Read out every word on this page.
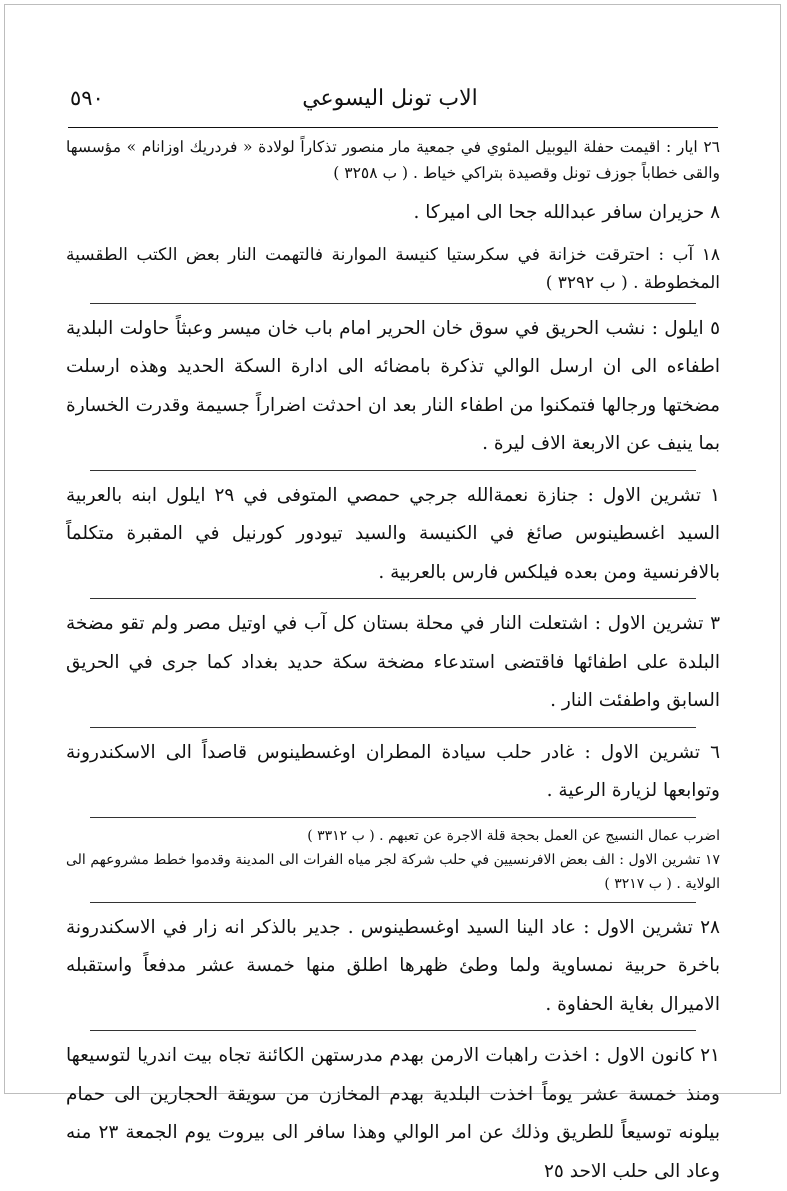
٥٩٠	الاب تونل اليسوعي

٢٦ ايار : اقيمت حفلة اليوبيل المئوي في جمعية مار منصور تذكاراً لولادة « فردريك اوزانام » مؤسسها والقى خطاباً جوزف تونل وقصيدة بتراكي خياط . ( ب ٣٢٥٨ )

٨ حزيران سافر عبدالله جحا الى اميركا .

١٨ آب : احترقت خزانة في سكرستيا كنيسة الموارنة فالتهمت النار بعض الكتب الطقسية المخطوطة . ( ب ٣٢٩٢ )

٥ ايلول : نشب الحريق في سوق خان الحرير امام باب خان ميسر وعبثاً حاولت البلدية اطفاءه الى ان ارسل الوالي تذكرة بامضائه الى ادارة السكة الحديد وهذه ارسلت مضختها ورجالها فتمكنوا من اطفاء النار بعد ان احدثت اضراراً جسيمة وقدرت الخسارة بما ينيف عن الاربعة الاف ليرة .

١ تشرين الاول : جنازة نعمةالله جرجي حمصي المتوفى في ٢٩ ايلول ابنه بالعربية السيد اغسطينوس صائغ في الكنيسة والسيد تيودور كورنيل في المقبرة متكلماً بالافرنسية ومن بعده فيلكس فارس بالعربية .

٣ تشرين الاول : اشتعلت النار في محلة بستان كل آب في اوتيل مصر ولم تقو مضخة البلدة على اطفائها فاقتضى استدعاء مضخة سكة حديد بغداد كما جرى في الحريق السابق واطفئت النار .

٦ تشرين الاول : غادر حلب سيادة المطران اوغسطينوس قاصداً الى الاسكندرونة وتوابعها لزيارة الرعية .

اضرب عمال النسيج عن العمل بحجة قلة الاجرة عن تعبهم . ( ب ٣٣١٢ )

١٧ تشرين الاول : الف بعض الافرنسيين في حلب شركة لجر مياه الفرات الى المدينة وقدموا خطط مشروعهم الى الولاية . ( ب ٣٢١٧ )

٢٨ تشرين الاول : عاد الينا السيد اوغسطينوس . جدير بالذكر انه زار في الاسكندرونة باخرة حربية نمساوية ولما وطئ ظهرها اطلق منها خمسة عشر مدفعاً واستقبله الاميرال بغاية الحفاوة .

٢١ كانون الاول : اخذت راهبات الارمن بهدم مدرستهن الكائنة تجاه بيت اندريا لتوسيعها ومنذ خمسة عشر يوماً اخذت البلدية بهدم المخازن من سويقة الحجارين الى حمام بيلونه توسيعاً للطريق وذلك عن امر الوالي وهذا سافر الى بيروت يوم الجمعة ٢٣ منه وعاد الى حلب الاحد ٢٥
